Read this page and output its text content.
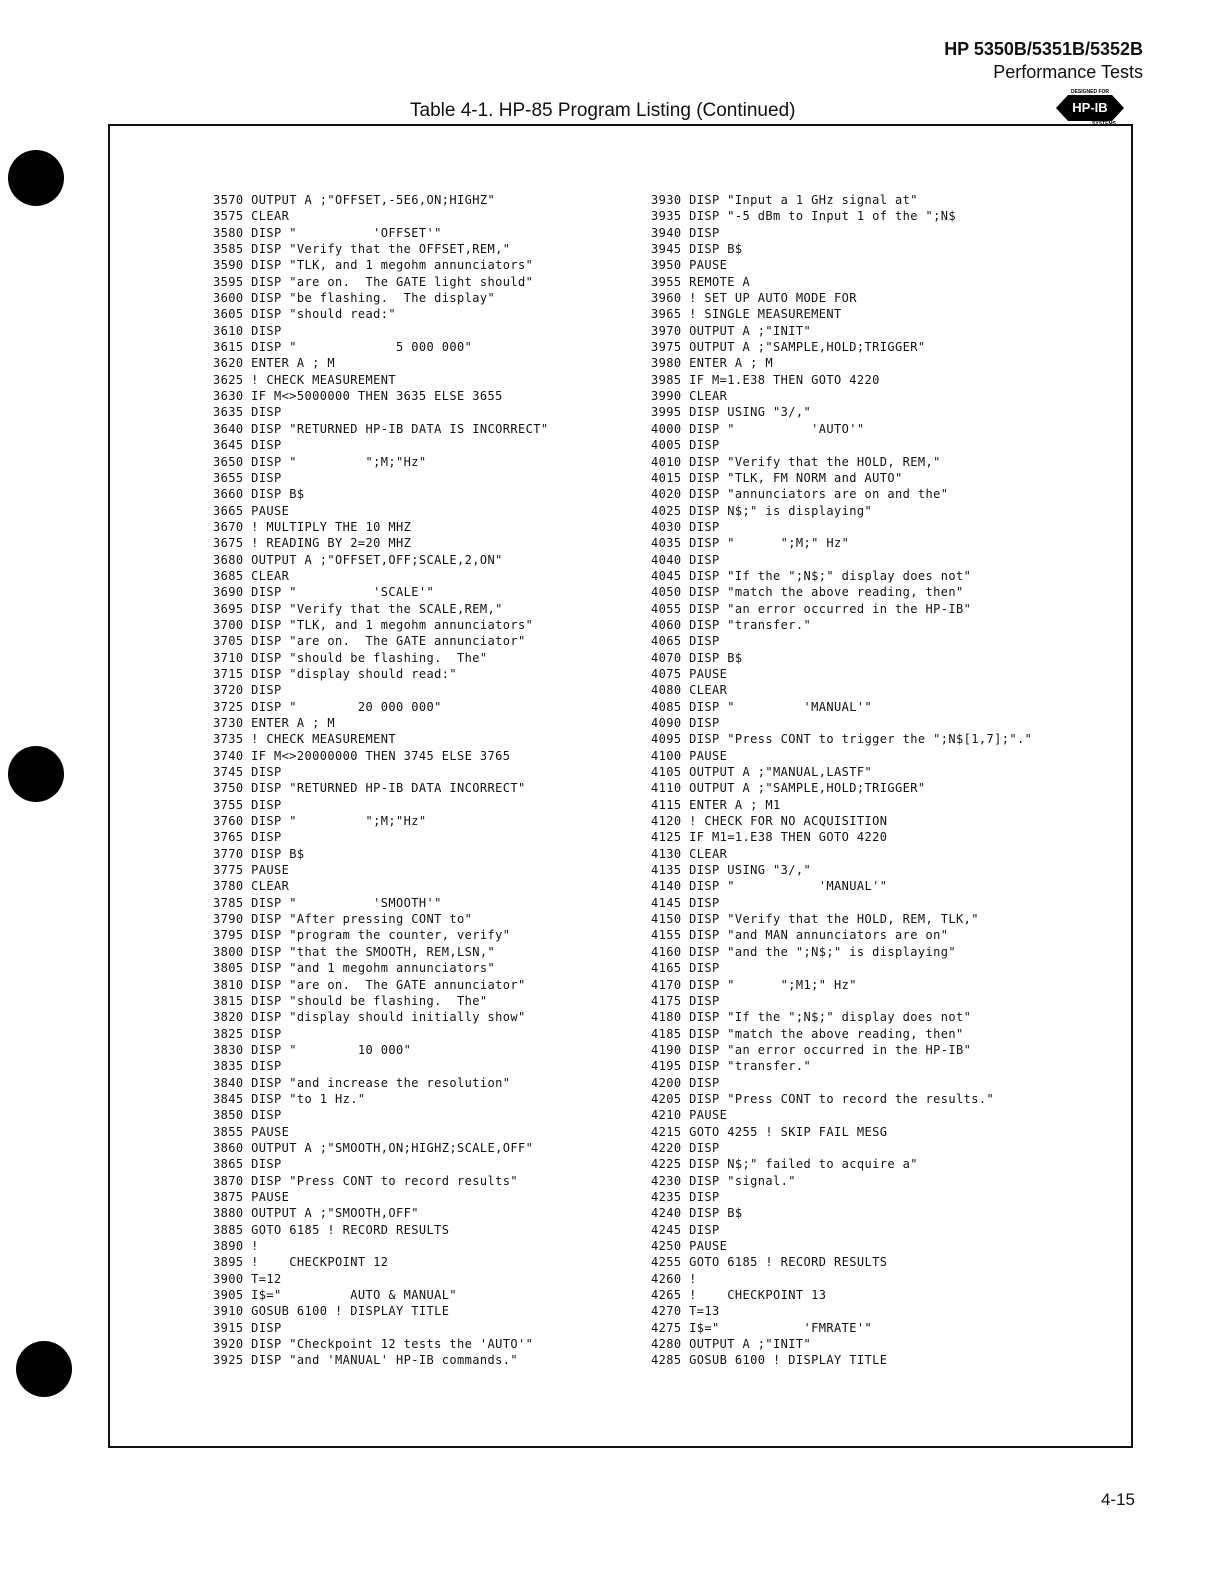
HP 5350B/5351B/5352B
Performance Tests
Table 4-1. HP-85 Program Listing (Continued)
DESIGNED FOR
HP-IB
SYSTEMS
3570 OUTPUT A ;"OFFSET,-5E6,ON;HIGHZ"
3575 CLEAR
3580 DISP "          'OFFSET'"
3585 DISP "Verify that the OFFSET,REM,"
3590 DISP "TLK, and 1 megohm annunciators"
3595 DISP "are on.  The GATE light should"
3600 DISP "be flashing.  The display"
3605 DISP "should read:"
3610 DISP
3615 DISP "             5 000 000"
3620 ENTER A ; M
3625 ! CHECK MEASUREMENT
3630 IF M<>5000000 THEN 3635 ELSE 3655
3635 DISP
3640 DISP "RETURNED HP-IB DATA IS INCORRECT"
3645 DISP
3650 DISP "         ";M;"Hz"
3655 DISP
3660 DISP B$
3665 PAUSE
3670 ! MULTIPLY THE 10 MHZ
3675 ! READING BY 2=20 MHZ
3680 OUTPUT A ;"OFFSET,OFF;SCALE,2,ON"
3685 CLEAR
3690 DISP "          'SCALE'"
3695 DISP "Verify that the SCALE,REM,"
3700 DISP "TLK, and 1 megohm annunciators"
3705 DISP "are on.  The GATE annunciator"
3710 DISP "should be flashing.  The"
3715 DISP "display should read:"
3720 DISP
3725 DISP "        20 000 000"
3730 ENTER A ; M
3735 ! CHECK MEASUREMENT
3740 IF M<>20000000 THEN 3745 ELSE 3765
3745 DISP
3750 DISP "RETURNED HP-IB DATA INCORRECT"
3755 DISP
3760 DISP "         ";M;"Hz"
3765 DISP
3770 DISP B$
3775 PAUSE
3780 CLEAR
3785 DISP "          'SMOOTH'"
3790 DISP "After pressing CONT to"
3795 DISP "program the counter, verify"
3800 DISP "that the SMOOTH, REM,LSN,"
3805 DISP "and 1 megohm annunciators"
3810 DISP "are on.  The GATE annunciator"
3815 DISP "should be flashing.  The"
3820 DISP "display should initially show"
3825 DISP
3830 DISP "        10 000"
3835 DISP
3840 DISP "and increase the resolution"
3845 DISP "to 1 Hz."
3850 DISP
3855 PAUSE
3860 OUTPUT A ;"SMOOTH,ON;HIGHZ;SCALE,OFF"
3865 DISP
3870 DISP "Press CONT to record results"
3875 PAUSE
3880 OUTPUT A ;"SMOOTH,OFF"
3885 GOTO 6185 ! RECORD RESULTS
3890 !
3895 !    CHECKPOINT 12
3900 T=12
3905 I$="         AUTO & MANUAL"
3910 GOSUB 6100 ! DISPLAY TITLE
3915 DISP
3920 DISP "Checkpoint 12 tests the 'AUTO'"
3925 DISP "and 'MANUAL' HP-IB commands."
3930 DISP "Input a 1 GHz signal at"
3935 DISP "-5 dBm to Input 1 of the ";N$
3940 DISP
3945 DISP B$
3950 PAUSE
3955 REMOTE A
3960 ! SET UP AUTO MODE FOR
3965 ! SINGLE MEASUREMENT
3970 OUTPUT A ;"INIT"
3975 OUTPUT A ;"SAMPLE,HOLD;TRIGGER"
3980 ENTER A ; M
3985 IF M=1.E38 THEN GOTO 4220
3990 CLEAR
3995 DISP USING "3/,"
4000 DISP "          'AUTO'"
4005 DISP
4010 DISP "Verify that the HOLD, REM,"
4015 DISP "TLK, FM NORM and AUTO"
4020 DISP "annunciators are on and the"
4025 DISP N$;" is displaying"
4030 DISP
4035 DISP "      ";M;" Hz"
4040 DISP
4045 DISP "If the ";N$;" display does not"
4050 DISP "match the above reading, then"
4055 DISP "an error occurred in the HP-IB"
4060 DISP "transfer."
4065 DISP
4070 DISP B$
4075 PAUSE
4080 CLEAR
4085 DISP "         'MANUAL'"
4090 DISP
4095 DISP "Press CONT to trigger the ";N$[1,7];"."
4100 PAUSE
4105 OUTPUT A ;"MANUAL,LASTF"
4110 OUTPUT A ;"SAMPLE,HOLD;TRIGGER"
4115 ENTER A ; M1
4120 ! CHECK FOR NO ACQUISITION
4125 IF M1=1.E38 THEN GOTO 4220
4130 CLEAR
4135 DISP USING "3/,"
4140 DISP "           'MANUAL'"
4145 DISP
4150 DISP "Verify that the HOLD, REM, TLK,"
4155 DISP "and MAN annunciators are on"
4160 DISP "and the ";N$;" is displaying"
4165 DISP
4170 DISP "      ";M1;" Hz"
4175 DISP
4180 DISP "If the ";N$;" display does not"
4185 DISP "match the above reading, then"
4190 DISP "an error occurred in the HP-IB"
4195 DISP "transfer."
4200 DISP
4205 DISP "Press CONT to record the results."
4210 PAUSE
4215 GOTO 4255 ! SKIP FAIL MESG
4220 DISP
4225 DISP N$;" failed to acquire a"
4230 DISP "signal."
4235 DISP
4240 DISP B$
4245 DISP
4250 PAUSE
4255 GOTO 6185 ! RECORD RESULTS
4260 !
4265 !    CHECKPOINT 13
4270 T=13
4275 I$="           'FMRATE'"
4280 OUTPUT A ;"INIT"
4285 GOSUB 6100 ! DISPLAY TITLE
4-15
